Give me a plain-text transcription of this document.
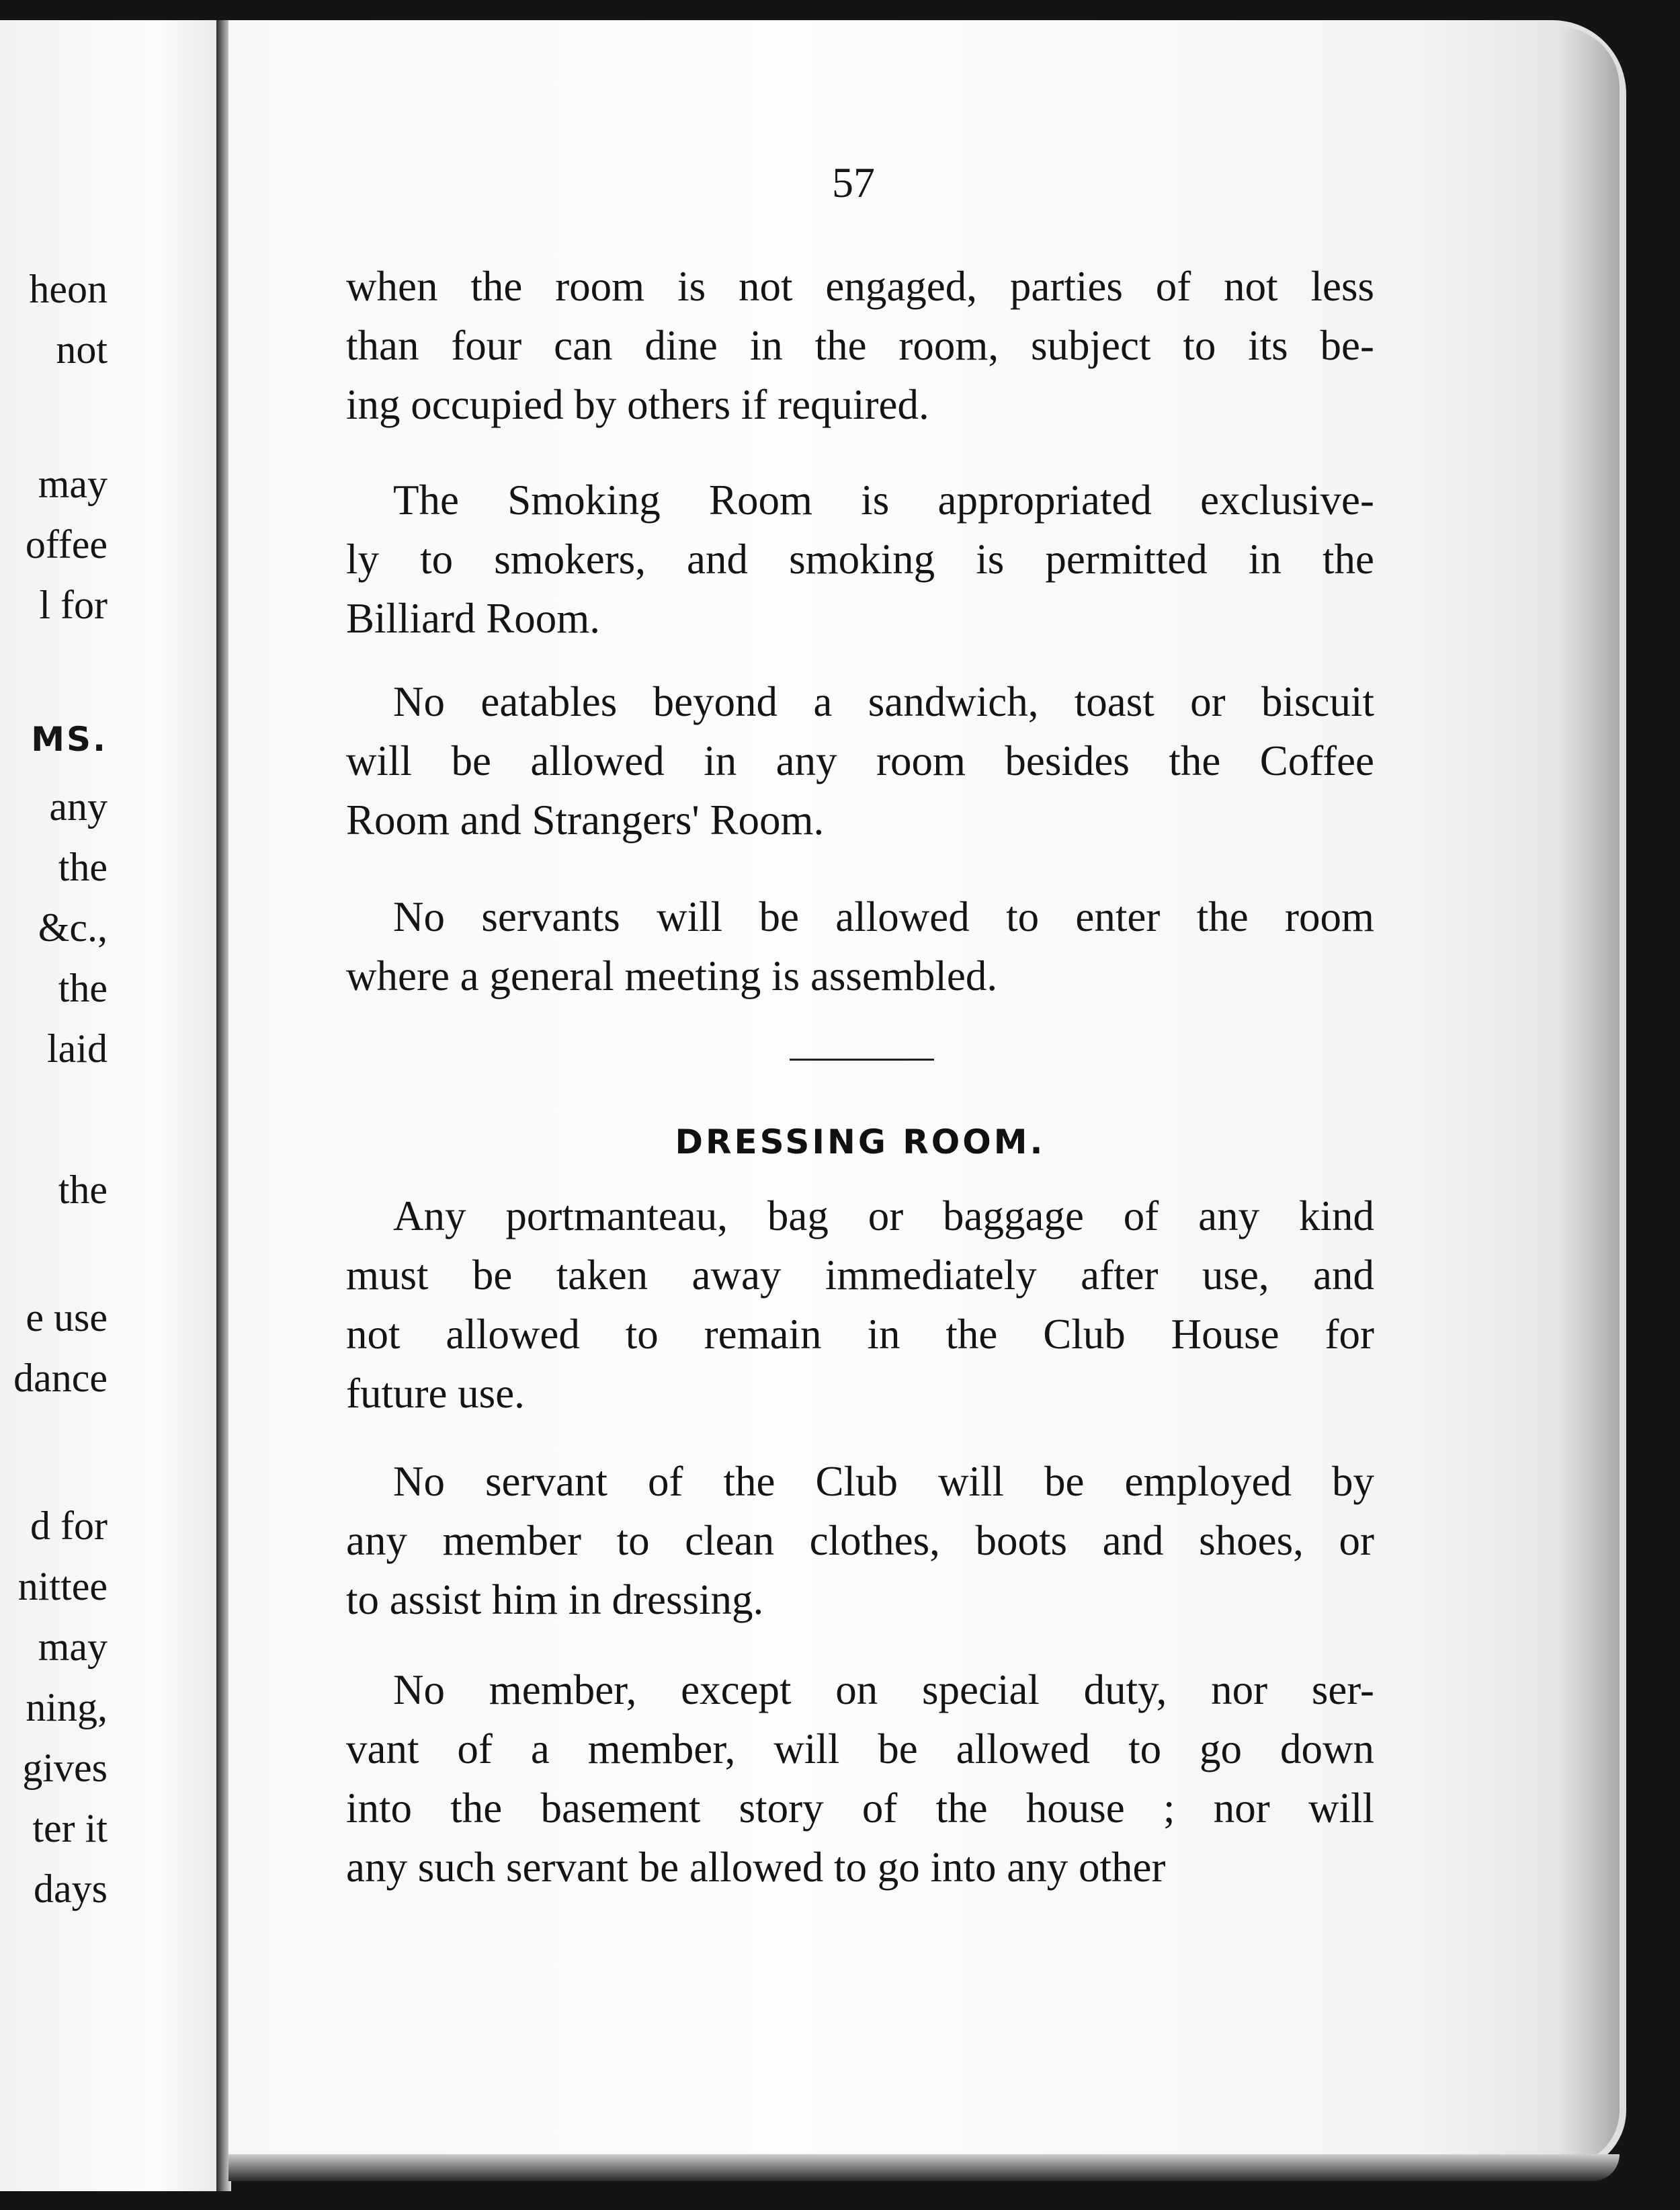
heon
not
may
offee
l for
MS.
any
the
&c.,
the
laid
the
e use
dance
d for
nittee
may
ning,
gives
ter it
days
57

when the room is not engaged, parties of not less
than four can dine in the room, subject to its be-
ing occupied by others if required.

The Smoking Room is appropriated exclusive-
ly to smokers, and smoking is permitted in the
Billiard Room.

No eatables beyond a sandwich, toast or biscuit
will be allowed in any room besides the Coffee
Room and Strangers' Room.

No servants will be allowed to enter the room
where a general meeting is assembled.

DRESSING ROOM.

Any portmanteau, bag or baggage of any kind
must be taken away immediately after use, and
not allowed to remain in the Club House for
future use.

No servant of the Club will be employed by
any member to clean clothes, boots and shoes, or
to assist him in dressing.

No member, except on special duty, nor ser-
vant of a member, will be allowed to go down
into the basement story of the house ; nor will
any such servant be allowed to go into any other
